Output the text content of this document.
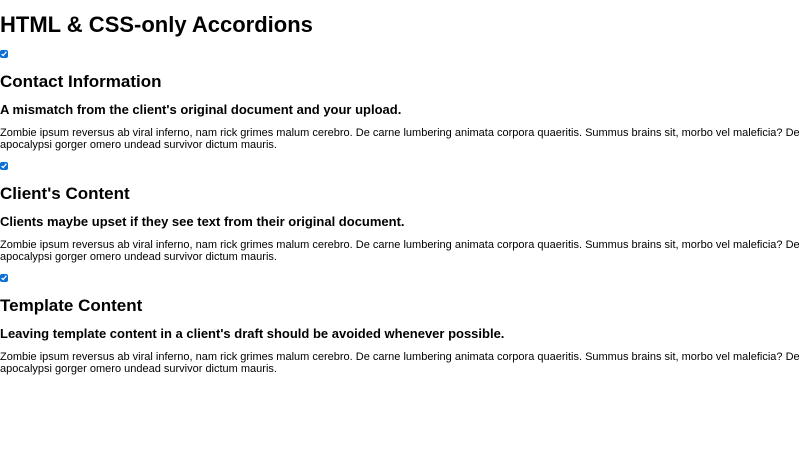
HTML & CSS-only Accordions
Contact Information
A mismatch from the client's original document and your upload.

Zombie ipsum reversus ab viral inferno, nam rick grimes malum cerebro. De carne lumbering animata corpora quaeritis. Summus brains sit, morbo vel maleficia? De apocalypsi gorger omero undead survivor dictum mauris.

Client's Content
Clients maybe upset if they see text from their original document.

Zombie ipsum reversus ab viral inferno, nam rick grimes malum cerebro. De carne lumbering animata corpora quaeritis. Summus brains sit, morbo vel maleficia? De apocalypsi gorger omero undead survivor dictum mauris.

Template Content
Leaving template content in a client's draft should be avoided whenever possible.

Zombie ipsum reversus ab viral inferno, nam rick grimes malum cerebro. De carne lumbering animata corpora quaeritis. Summus brains sit, morbo vel maleficia? De apocalypsi gorger omero undead survivor dictum mauris.
